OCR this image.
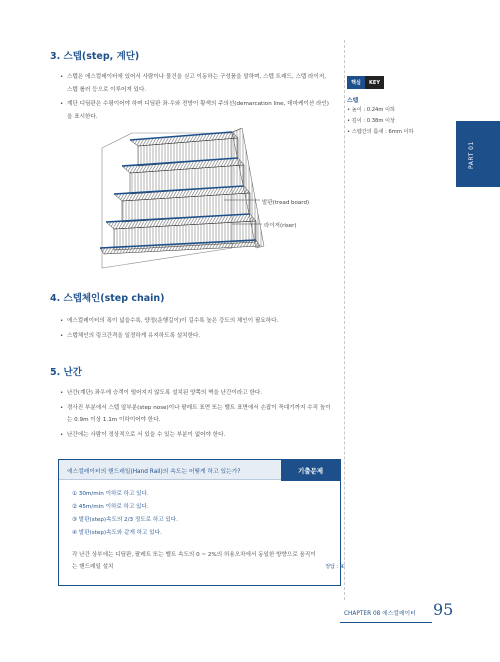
3. 스텝(step, 계단)
• 스텝은 에스컬레이터에 있어서 사람이나 물건을 싣고 이동하는 구성품을 말하며, 스텝 트레드, 스텝 라이저, 스텝 롤러 등으로 이루어져 있다.
• 계단 디딤판은 수평이어야 하며 디딤판 좌·우와 전방이 황색의 주의선(demarcation line, 데마케이션 라인)을 표시한다.
발판(tread board)
라이저(riser)
핵심	KEY
스텝
• 높이 : 0.24m 이하
• 깊이 : 0.38m 이상
• 스텝간의 틈새 : 6mm 이하
PART 01
4. 스텝체인(step chain)
• 에스컬레이터의 폭이 넓을수록, 양정(운행길이)이 길수록 높은 강도의 체인이 필요하다.
• 스텝체인의 링크간격을 일정하게 유지하도록 설치한다.
5. 난간
• 난간(계단) 좌우에 승객이 떨어지지 않도록 설치된 양쪽의 벽을 난간이라고 한다.
• 경사진 부분에서 스텝 앞부분(step nose)이나 팔레트 표면 또는 벨트 표면에서 손잡이 꼭대기까지 수직 높이는 0.9m 이상 1.1m 이하이어야 한다.
• 난간에는 사람이 정상적으로 서 있을 수 있는 부분이 없어야 한다.
에스컬레이터의 핸드레일(Hand Rail)의 속도는 어떻게 하고 있는가?	기출문제
① 30m/min 이하로 하고 있다.
② 45m/min 이하로 하고 있다.
③ 발판(step)속도의 2/3 정도로 하고 있다.
④ 발판(step)속도와 같게 하고 있다.
각 난간 상부에는 디딤판, 팔레트 또는 벨트 속도의 0 ~ 2%의 허용오차에서 동일한 방향으로 움직이는 핸드레일 설치	정답 : ④
CHAPTER 08 에스컬레이터 95
